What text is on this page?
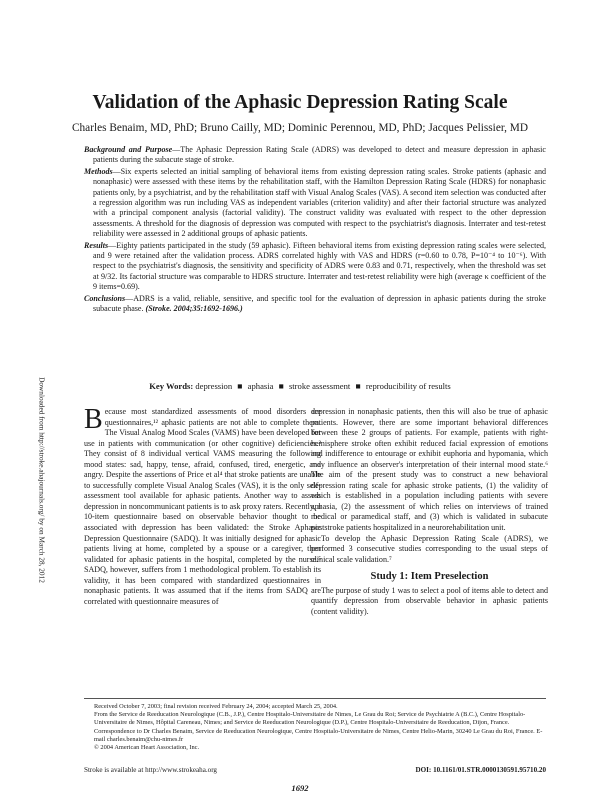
Validation of the Aphasic Depression Rating Scale

Charles Benaim, MD, PhD; Bruno Cailly, MD; Dominic Perennou, MD, PhD; Jacques Pelissier, MD

Background and Purpose—The Aphasic Depression Rating Scale (ADRS) was developed to detect and measure depression in aphasic patients during the subacute stage of stroke.

Methods—Six experts selected an initial sampling of behavioral items from existing depression rating scales. Stroke patients (aphasic and nonaphasic) were assessed with these items by the rehabilitation staff, with the Hamilton Depression Rating Scale (HDRS) for nonaphasic patients only, by a psychiatrist, and by the rehabilitation staff with Visual Analog Scales (VAS). A second item selection was conducted after a regression algorithm was run including VAS as independent variables (criterion validity) and after their factorial structure was analyzed with a principal component analysis (factorial validity). The construct validity was evaluated with respect to the other depression assessments. A threshold for the diagnosis of depression was computed with respect to the psychiatrist's diagnosis. Interrater and test-retest reliability were assessed in 2 additional groups of aphasic patients.

Results—Eighty patients participated in the study (59 aphasic). Fifteen behavioral items from existing depression rating scales were selected, and 9 were retained after the validation process. ADRS correlated highly with VAS and HDRS (r=0.60 to 0.78, P=10⁻⁴ to 10⁻⁶). With respect to the psychiatrist's diagnosis, the sensitivity and specificity of ADRS were 0.83 and 0.71, respectively, when the threshold was set at 9/32. Its factorial structure was comparable to HDRS structure. Interrater and test-retest reliability were high (average κ coefficient of the 9 items=0.69).

Conclusions—ADRS is a valid, reliable, sensitive, and specific tool for the evaluation of depression in aphasic patients during the stroke subacute phase. (Stroke. 2004;35:1692-1696.)

Key Words: depression ■ aphasia ■ stroke assessment ■ reproducibility of results
Downloaded from http://stroke.ahajournals.org/ by on March 28, 2012 Because most standardized assessments of mood disorders are questionnaires,¹² aphasic patients are not able to complete them. The Visual Analog Mood Scales (VAMS) have been developed for use in patients with communication (or other cognitive) deficiencies.³ They consist of 8 individual vertical VAMS measuring the following mood states: sad, happy, tense, afraid, confused, tired, energetic, and angry. Despite the assertions of Price et al⁴ that stroke patients are unable to successfully complete Visual Analog Scales (VAS), it is the only self-assessment tool available for aphasic patients. Another way to assess depression in noncommunicant patients is to ask proxy raters. Recently, a 10-item questionnaire based on observable behavior thought to be associated with depression has been validated: the Stroke Aphasic Depression Questionnaire (SADQ). It was initially designed for aphasic patients living at home, completed by a spouse or a caregiver, then validated for aphasic patients in the hospital, completed by the nurse.⁵ SADQ, however, suffers from 1 methodological problem. To establish its validity, it has been compared with standardized questionnaires in nonaphasic patients. It was assumed that if the items from SADQ are correlated with questionnaire measures of

depression in nonaphasic patients, then this will also be true of aphasic patients. However, there are some important behavioral differences between these 2 groups of patients. For example, patients with right-hemisphere stroke often exhibit reduced facial expression of emotions and indifference to entourage or exhibit euphoria and hypomania, which may influence an observer's interpretation of their internal mood state.⁶ The aim of the present study was to construct a new behavioral depression rating scale for aphasic stroke patients, (1) the validity of which is established in a population including patients with severe aphasia, (2) the assessment of which relies on interviews of trained medical or paramedical staff, and (3) which is validated in subacute poststroke patients hospitalized in a neurorehabilitation unit.

To develop the Aphasic Depression Rating Scale (ADRS), we performed 3 consecutive studies corresponding to the usual steps of clinical scale validation.⁷

Study 1: Item Preselection

The purpose of study 1 was to select a pool of items able to detect and quantify depression from observable behavior in aphasic patients (content validity).

Received October 7, 2003; final revision received February 24, 2004; accepted March 25, 2004.

From the Service de Reeducation Neurologique (C.B., J.P.), Centre Hospitalo-Universitaire de Nimes, Le Grau du Roi; Service de Psychiatrie A (B.C.), Centre Hospitalo-Universitaire de Nimes, Hôpital Careneau, Nimes; and Service de Reeducation Neurologique (D.P.), Centre Hospitalo-Universitaire de Reeducation, Dijon, France.

Correspondence to Dr Charles Benaim, Service de Reeducation Neurologique, Centre Hospitalo-Universitaire de Nimes, Centre Helio-Marin, 30240 Le Grau du Roi, France. E-mail charles.benaim@chu-nimes.fr

© 2004 American Heart Association, Inc.

Stroke is available at http://www.strokeaha.org	DOI: 10.1161/01.STR.0000130591.95710.20
1692
